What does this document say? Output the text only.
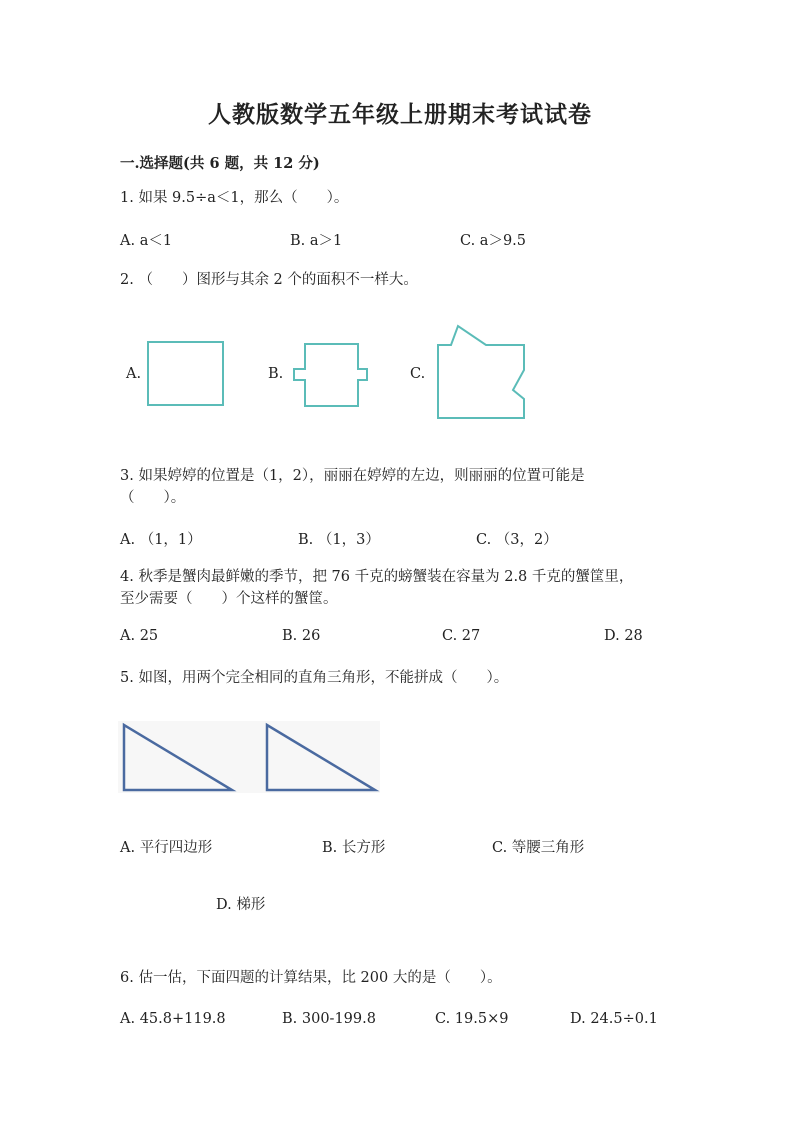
人教版数学五年级上册期末考试试卷
一.选择题(共 6 题，共 12 分)
1. 如果 9.5÷a＜1，那么（　　）。
A. a＜1	B. a＞1	C. a＞9.5
2. （　　）图形与其余 2 个的面积不一样大。
A.	B.	C.
3. 如果婷婷的位置是（1，2），丽丽在婷婷的左边，则丽丽的位置可能是
（　　）。
A. （1，1）	B. （1，3）	C. （3，2）
4. 秋季是蟹肉最鲜嫩的季节，把 76 千克的螃蟹装在容量为 2.8 千克的蟹筐里，
至少需要（　　）个这样的蟹筐。
A. 25	B. 26	C. 27	D. 28
5. 如图，用两个完全相同的直角三角形，不能拼成（　　）。
A. 平行四边形	B. 长方形	C. 等腰三角形
D. 梯形
6. 估一估，下面四题的计算结果，比 200 大的是（　　）。
A. 45.8+119.8	B. 300-199.8	C. 19.5×9	D. 24.5÷0.1
